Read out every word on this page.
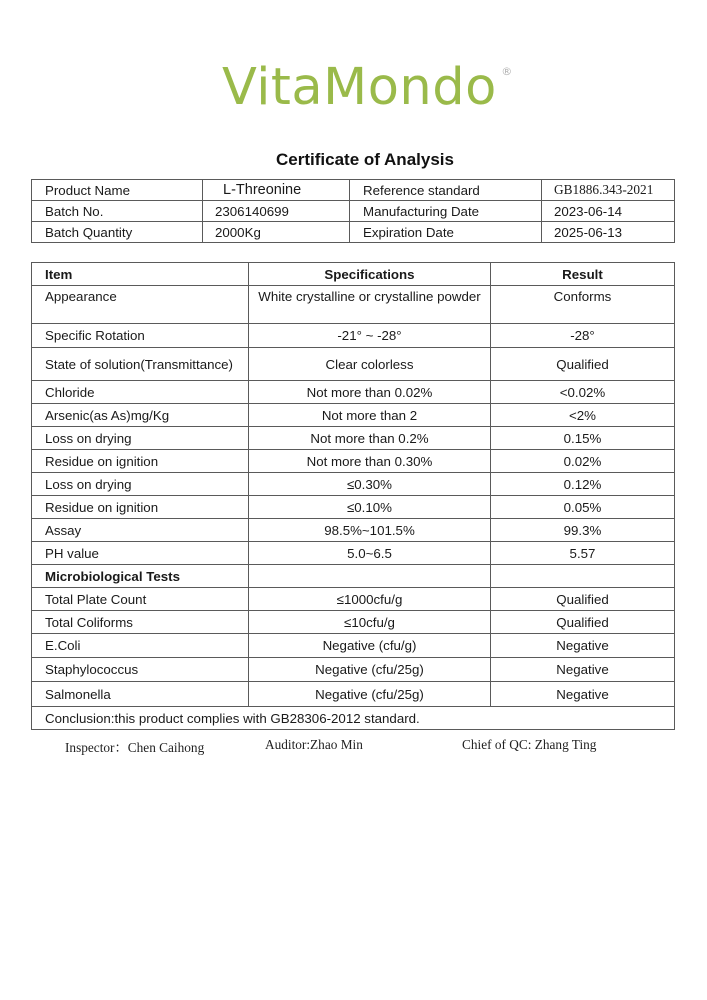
VitaMondo ®
Certificate of Analysis
Product Name	L-Threonine	Reference standard	GB1886.343-2021
Batch No.	2306140699	Manufacturing Date	2023-06-14
Batch Quantity	2000Kg	Expiration Date	2025-06-13
Item	Specifications	Result
Appearance	White crystalline or crystalline powder	Conforms
Specific Rotation	-21° ~ -28°	-28°
State of solution(Transmittance)	Clear colorless	Qualified
Chloride	Not more than 0.02%	<0.02%
Arsenic(as As)mg/Kg	Not more than 2	<2%
Loss on drying	Not more than 0.2%	0.15%
Residue on ignition	Not more than 0.30%	0.02%
Loss on drying	≤0.30%	0.12%
Residue on ignition	≤0.10%	0.05%
Assay	98.5%~101.5%	99.3%
PH value	5.0~6.5	5.57
Microbiological Tests		
Total Plate Count	≤1000cfu/g	Qualified
Total Coliforms	≤10cfu/g	Qualified
E.Coli	Negative (cfu/g)	Negative
Staphylococcus	Negative (cfu/25g)	Negative
Salmonella	Negative (cfu/25g)	Negative
Conclusion:this product complies with GB28306-2012 standard.		
Inspector：Chen Caihong	Auditor:Zhao Min	Chief of QC: Zhang Ting
